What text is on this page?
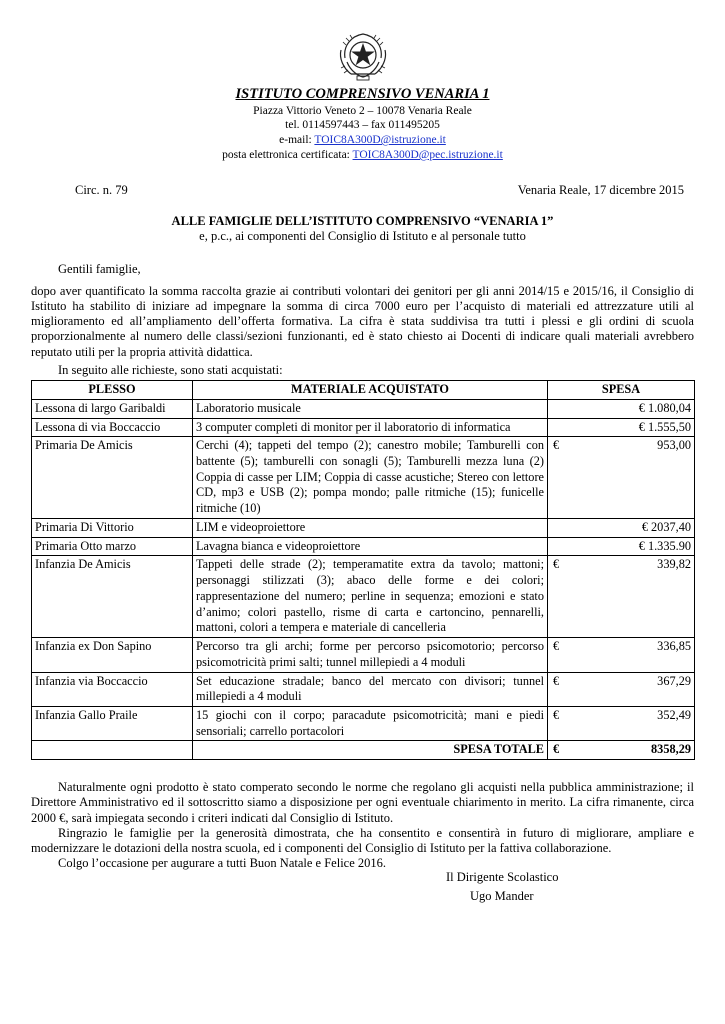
ISTITUTO COMPRENSIVO VENARIA 1
Piazza Vittorio Veneto 2 – 10078 Venaria Reale
tel. 0114597443 – fax 011495205
e-mail: TOIC8A300D@istruzione.it
posta elettronica certificata: TOIC8A300D@pec.istruzione.it
Circ. n. 79	Venaria Reale, 17 dicembre 2015
ALLE FAMIGLIE DELL’ISTITUTO COMPRENSIVO “VENARIA 1”
e, p.c., ai componenti del Consiglio di Istituto e al personale tutto
Gentili famiglie,
dopo aver quantificato la somma raccolta grazie ai contributi volontari dei genitori per gli anni 2014/15 e 2015/16, il Consiglio di Istituto ha stabilito di iniziare ad impegnare la somma di circa 7000 euro per l’acquisto di materiali ed attrezzature utili al miglioramento ed all’ampliamento dell’offerta formativa. La cifra è stata suddivisa tra tutti i plessi e gli ordini di scuola proporzionalmente al numero delle classi/sezioni funzionanti, ed è stato chiesto ai Docenti di indicare quali materiali avrebbero reputato utili per la propria attività didattica.
In seguito alle richieste, sono stati acquistati:
PLESSO	MATERIALE ACQUISTATO	SPESA
Lessona di largo Garibaldi	Laboratorio musicale	€ 1.080,04
Lessona di via Boccaccio	3 computer completi di monitor per il laboratorio di informatica	€ 1.555,50
Primaria De Amicis	Cerchi (4); tappeti del tempo (2); canestro mobile; Tamburelli con battente (5); tamburelli con sonagli (5); Tamburelli mezza luna (2) Coppia di casse per LIM; Coppia di casse acustiche; Stereo con lettore CD, mp3 e USB (2); pompa mondo; palle ritmiche (15); funicelle ritmiche (10)	€ 953,00
Primaria Di Vittorio	LIM e videoproiettore	€ 2037,40
Primaria Otto marzo	Lavagna bianca e videoproiettore	€ 1.335.90
Infanzia De Amicis	Tappeti delle strade (2); temperamatite extra da tavolo; mattoni; personaggi stilizzati (3); abaco delle forme e dei colori; rappresentazione del numero; perline in sequenza; emozioni e stato d’animo; colori pastello, risme di carta e cartoncino, pennarelli, mattoni, colori a tempera e materiale di cancelleria	€ 339,82
Infanzia ex Don Sapino	Percorso tra gli archi; forme per percorso psicomotorio; percorso psicomotricità primi salti; tunnel millepiedi a 4 moduli	€ 336,85
Infanzia via Boccaccio	Set educazione stradale; banco del mercato con divisori; tunnel millepiedi a 4 moduli	€ 367,29
Infanzia Gallo Praile	15 giochi con il corpo; paracadute psicomotricità; mani e piedi sensoriali; carrello portacolori	€ 352,49
	SPESA TOTALE	€ 8358,29

Naturalmente ogni prodotto è stato comperato secondo le norme che regolano gli acquisti nella pubblica amministrazione; il Direttore Amministrativo ed il sottoscritto siamo a disposizione per ogni eventuale chiarimento in merito. La cifra rimanente, circa 2000 €, sarà impiegata secondo i criteri indicati dal Consiglio di Istituto.

Ringrazio le famiglie per la generosità dimostrata, che ha consentito e consentirà in futuro di migliorare, ampliare e modernizzare le dotazioni della nostra scuola, ed i componenti del Consiglio di Istituto per la fattiva collaborazione.

Colgo l’occasione per augurare a tutti Buon Natale e Felice 2016.

Il Dirigente Scolastico
Ugo Mander
